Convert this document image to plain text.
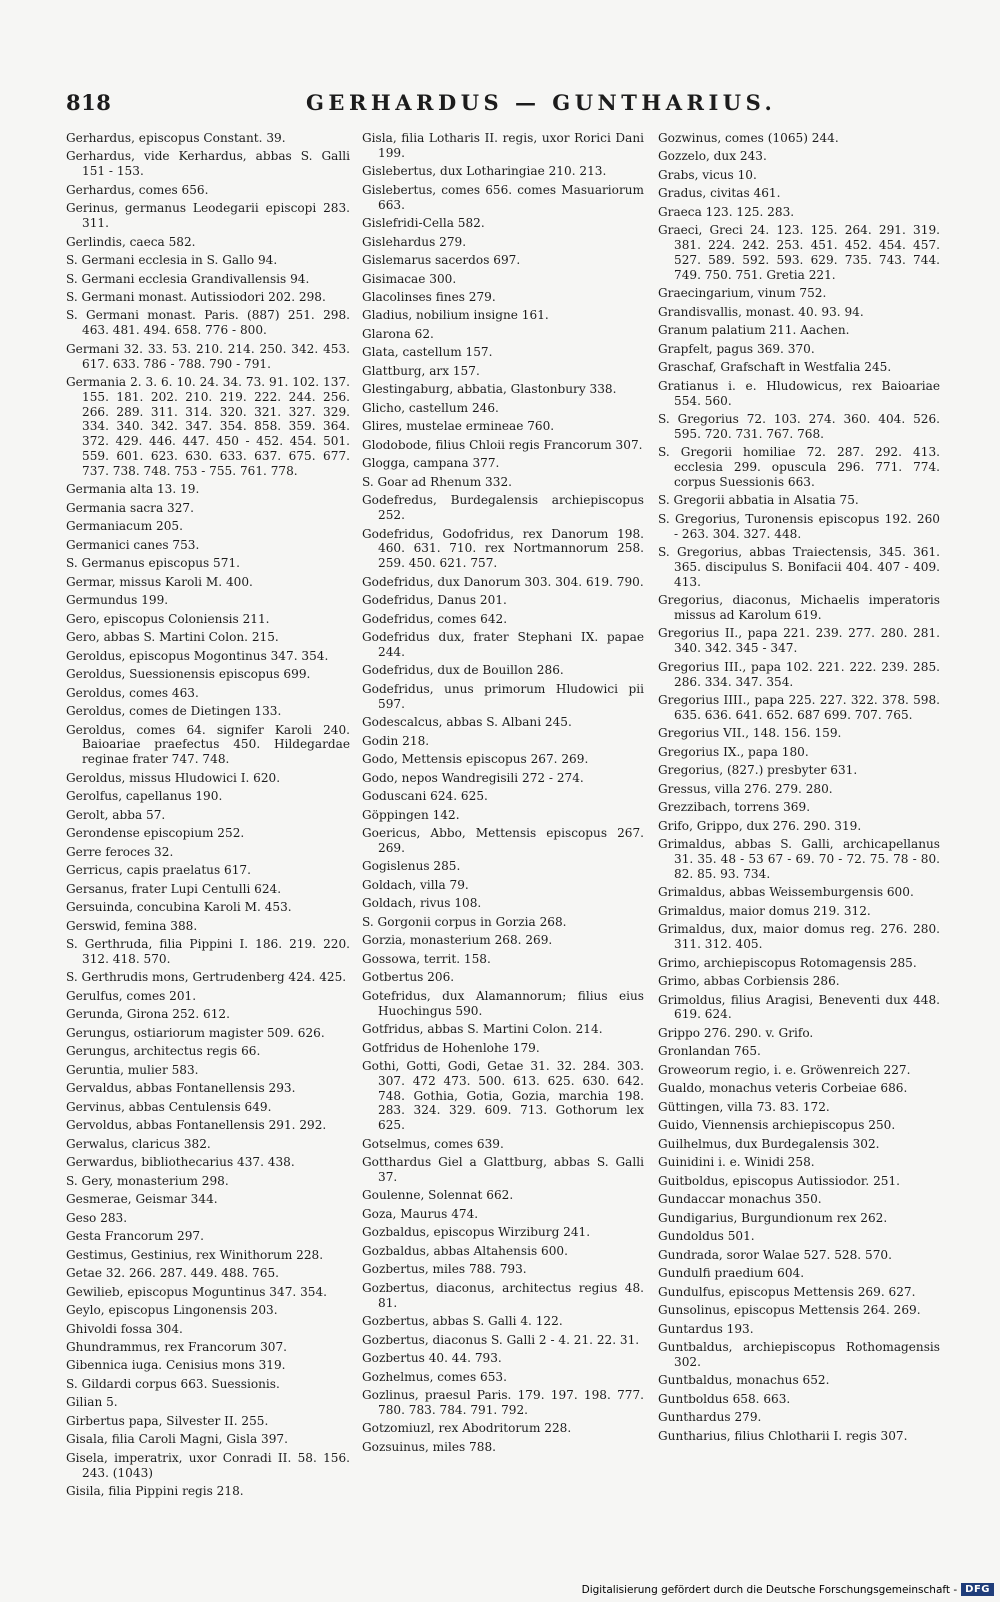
818	GERHARDUS — GUNTHARIUS.
Gerhardus, episcopus Constant. 39.
Gerhardus, vide Kerhardus, abbas S. Galli 151 - 153.
Gerhardus, comes 656.
Gerinus, germanus Leodegarii episcopi 283. 311.
Gerlindis, caeca 582.
S. Germani ecclesia in S. Gallo 94.
S. Germani ecclesia Grandivallensis 94.
S. Germani monast. Autissiodori 202. 298.
S. Germani monast. Paris. (887) 251. 298. 463. 481. 494. 658. 776 - 800.
Germani 32. 33. 53. 210. 214. 250. 342. 453. 617. 633. 786 - 788. 790 - 791.
Germania 2. 3. 6. 10. 24. 34. 73. 91. 102. 137. 155. 181. 202. 210. 219. 222. 244. 256. 266. 289. 311. 314. 320. 321. 327. 329. 334. 340. 342. 347. 354. 858. 359. 364. 372. 429. 446. 447. 450 - 452. 454. 501. 559. 601. 623. 630. 633. 637. 675. 677. 737. 738. 748. 753 - 755. 761. 778.
Germania alta 13. 19.
Germania sacra 327.
Germaniacum 205.
Germanici canes 753.
S. Germanus episcopus 571.
Germar, missus Karoli M. 400.
Germundus 199.
Gero, episcopus Coloniensis 211.
Gero, abbas S. Martini Colon. 215.
Geroldus, episcopus Mogontinus 347. 354.
Geroldus, Suessionensis episcopus 699.
Geroldus, comes 463.
Geroldus, comes de Dietingen 133.
Geroldus, comes 64. signifer Karoli 240. Baioariae praefectus 450. Hildegardae reginae frater 747. 748.
Geroldus, missus Hludowici I. 620.
Gerolfus, capellanus 190.
Gerolt, abba 57.
Gerondense episcopium 252.
Gerre feroces 32.
Gerricus, capis praelatus 617.
Gersanus, frater Lupi Centulli 624.
Gersuinda, concubina Karoli M. 453.
Gerswid, femina 388.
S. Gerthruda, filia Pippini I. 186. 219. 220. 312. 418. 570.
S. Gerthrudis mons, Gertrudenberg 424. 425.
Gerulfus, comes 201.
Gerunda, Girona 252. 612.
Gerungus, ostiariorum magister 509. 626.
Gerungus, architectus regis 66.
Geruntia, mulier 583.
Gervaldus, abbas Fontanellensis 293.
Gervinus, abbas Centulensis 649.
Gervoldus, abbas Fontanellensis 291. 292.
Gerwalus, claricus 382.
Gerwardus, bibliothecarius 437. 438.
S. Gery, monasterium 298.
Gesmerae, Geismar 344.
Geso 283.
Gesta Francorum 297.
Gestimus, Gestinius, rex Winithorum 228.
Getae 32. 266. 287. 449. 488. 765.
Gewilieb, episcopus Moguntinus 347. 354.
Geylo, episcopus Lingonensis 203.
Ghivoldi fossa 304.
Ghundrammus, rex Francorum 307.
Gibennica iuga. Cenisius mons 319.
S. Gildardi corpus 663. Suessionis.
Gilian 5.
Girbertus papa, Silvester II. 255.
Gisala, filia Caroli Magni, Gisla 397.
Gisela, imperatrix, uxor Conradi II. 58. 156. 243. (1043)
Gisila, filia Pippini regis 218.
Gisla, filia Lotharis II. regis, uxor Rorici Dani 199.
Gislebertus, dux Lotharingiae 210. 213.
Gislebertus, comes 656. comes Masuariorum 663.
Gislefridi-Cella 582.
Gislehardus 279.
Gislemarus sacerdos 697.
Gisimacae 300.
Glacolinses fines 279.
Gladius, nobilium insigne 161.
Glarona 62.
Glata, castellum 157.
Glattburg, arx 157.
Glestingaburg, abbatia, Glastonbury 338.
Glicho, castellum 246.
Glires, mustelae ermineae 760.
Glodobode, filius Chloii regis Francorum 307.
Glogga, campana 377.
S. Goar ad Rhenum 332.
Godefredus, Burdegalensis archiepiscopus 252.
Godefridus, Godofridus, rex Danorum 198. 460. 631. 710. rex Nortmannorum 258. 259. 450. 621. 757.
Godefridus, dux Danorum 303. 304. 619. 790.
Godefridus, Danus 201.
Godefridus, comes 642.
Godefridus dux, frater Stephani IX. papae 244.
Godefridus, dux de Bouillon 286.
Godefridus, unus primorum Hludowici pii 597.
Godescalcus, abbas S. Albani 245.
Godin 218.
Godo, Mettensis episcopus 267. 269.
Godo, nepos Wandregisili 272 - 274.
Goduscani 624. 625.
Göppingen 142.
Goericus, Abbo, Mettensis episcopus 267. 269.
Gogislenus 285.
Goldach, villa 79.
Goldach, rivus 108.
S. Gorgonii corpus in Gorzia 268.
Gorzia, monasterium 268. 269.
Gossowa, territ. 158.
Gotbertus 206.
Gotefridus, dux Alamannorum; filius eius Huochingus 590.
Gotfridus, abbas S. Martini Colon. 214.
Gotfridus de Hohenlohe 179.
Gothi, Gotti, Godi, Getae 31. 32. 284. 303. 307. 472 473. 500. 613. 625. 630. 642. 748. Gothia, Gotia, Gozia, marchia 198. 283. 324. 329. 609. 713. Gothorum lex 625.
Gotselmus, comes 639.
Gotthardus Giel a Glattburg, abbas S. Galli 37.
Goulenne, Solennat 662.
Goza, Maurus 474.
Gozbaldus, episcopus Wirziburg 241.
Gozbaldus, abbas Altahensis 600.
Gozbertus, miles 788. 793.
Gozbertus, diaconus, architectus regius 48. 81.
Gozbertus, abbas S. Galli 4. 122.
Gozbertus, diaconus S. Galli 2 - 4. 21. 22. 31.
Gozbertus 40. 44. 793.
Gozhelmus, comes 653.
Gozlinus, praesul Paris. 179. 197. 198. 777. 780. 783. 784. 791. 792.
Gotzomiuzl, rex Abodritorum 228.
Gozsuinus, miles 788.
Gozwinus, comes (1065) 244.
Gozzelo, dux 243.
Grabs, vicus 10.
Gradus, civitas 461.
Graeca 123. 125. 283.
Graeci, Greci 24. 123. 125. 264. 291. 319. 381. 224. 242. 253. 451. 452. 454. 457. 527. 589. 592. 593. 629. 735. 743. 744. 749. 750. 751. Gretia 221.
Graecingarium, vinum 752.
Grandisvallis, monast. 40. 93. 94.
Granum palatium 211. Aachen.
Grapfelt, pagus 369. 370.
Graschaf, Grafschaft in Westfalia 245.
Gratianus i. e. Hludowicus, rex Baioariae 554. 560.
S. Gregorius 72. 103. 274. 360. 404. 526. 595. 720. 731. 767. 768.
S. Gregorii homiliae 72. 287. 292. 413. ecclesia 299. opuscula 296. 771. 774. corpus Suessionis 663.
S. Gregorii abbatia in Alsatia 75.
S. Gregorius, Turonensis episcopus 192. 260 - 263. 304. 327. 448.
S. Gregorius, abbas Traiectensis, 345. 361. 365. discipulus S. Bonifacii 404. 407 - 409. 413.
Gregorius, diaconus, Michaelis imperatoris missus ad Karolum 619.
Gregorius II., papa 221. 239. 277. 280. 281. 340. 342. 345 - 347.
Gregorius III., papa 102. 221. 222. 239. 285. 286. 334. 347. 354.
Gregorius IIII., papa 225. 227. 322. 378. 598. 635. 636. 641. 652. 687 699. 707. 765.
Gregorius VII., 148. 156. 159.
Gregorius IX., papa 180.
Gregorius, (827.) presbyter 631.
Gressus, villa 276. 279. 280.
Grezzibach, torrens 369.
Grifo, Grippo, dux 276. 290. 319.
Grimaldus, abbas S. Galli, archicapellanus 31. 35. 48 - 53 67 - 69. 70 - 72. 75. 78 - 80. 82. 85. 93. 734.
Grimaldus, abbas Weissemburgensis 600.
Grimaldus, maior domus 219. 312.
Grimaldus, dux, maior domus reg. 276. 280. 311. 312. 405.
Grimo, archiepiscopus Rotomagensis 285.
Grimo, abbas Corbiensis 286.
Grimoldus, filius Aragisi, Beneventi dux 448. 619. 624.
Grippo 276. 290. v. Grifo.
Gronlandan 765.
Groweorum regio, i. e. Gröwenreich 227.
Gualdo, monachus veteris Corbeiae 686.
Güttingen, villa 73. 83. 172.
Guido, Viennensis archiepiscopus 250.
Guilhelmus, dux Burdegalensis 302.
Guinidini i. e. Winidi 258.
Guitboldus, episcopus Autissiodor. 251.
Gundaccar monachus 350.
Gundigarius, Burgundionum rex 262.
Gundoldus 501.
Gundrada, soror Walae 527. 528. 570.
Gundulfi praedium 604.
Gundulfus, episcopus Mettensis 269. 627.
Gunsolinus, episcopus Mettensis 264. 269.
Guntardus 193.
Guntbaldus, archiepiscopus Rothomagensis 302.
Guntbaldus, monachus 652.
Guntboldus 658. 663.
Gunthardus 279.
Guntharius, filius Chlotharii I. regis 307.
Digitalisierung gefördert durch die Deutsche Forschungsgemeinschaft - DFG
